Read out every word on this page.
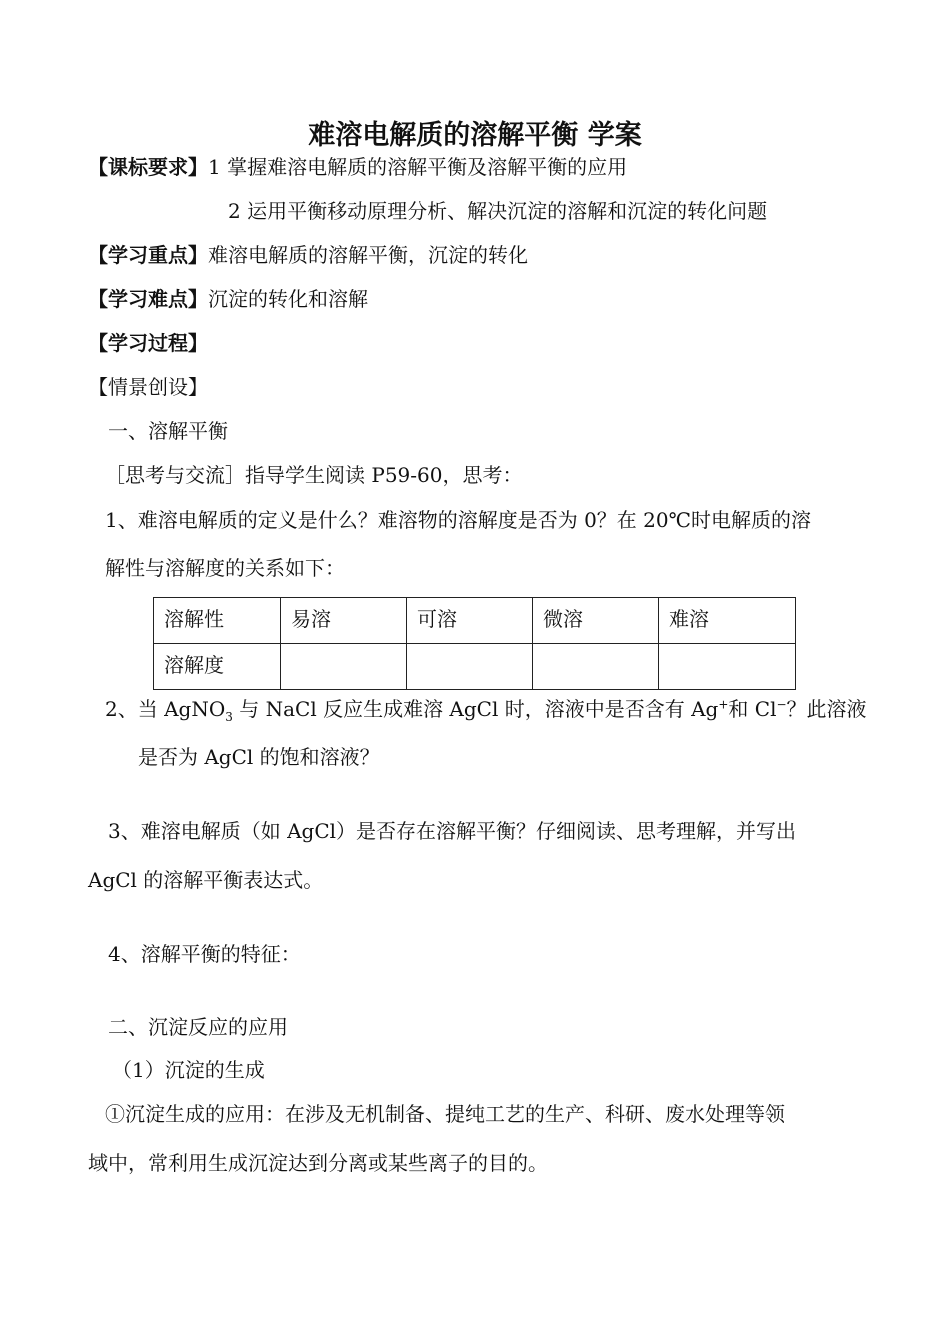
难溶电解质的溶解平衡 学案
【课标要求】1 掌握难溶电解质的溶解平衡及溶解平衡的应用
2 运用平衡移动原理分析、解决沉淀的溶解和沉淀的转化问题
【学习重点】难溶电解质的溶解平衡，沉淀的转化
【学习难点】沉淀的转化和溶解
【学习过程】
【情景创设】
一、溶解平衡
［思考与交流］指导学生阅读 P59-60，思考：
1、难溶电解质的定义是什么？难溶物的溶解度是否为 0？在 20℃时电解质的溶
解性与溶解度的关系如下：
溶解性	易溶	可溶	微溶	难溶
溶解度				
2、当 AgNO$_3$ 与 NaCl 反应生成难溶 AgCl 时，溶液中是否含有 Ag+和 Cl−？此溶液
是否为 AgCl 的饱和溶液？
3、难溶电解质（如 AgCl）是否存在溶解平衡？仔细阅读、思考理解，并写出
AgCl 的溶解平衡表达式。
4、溶解平衡的特征：
二、沉淀反应的应用
（1）沉淀的生成
①沉淀生成的应用：在涉及无机制备、提纯工艺的生产、科研、废水处理等领
域中，常利用生成沉淀达到分离或某些离子的目的。
